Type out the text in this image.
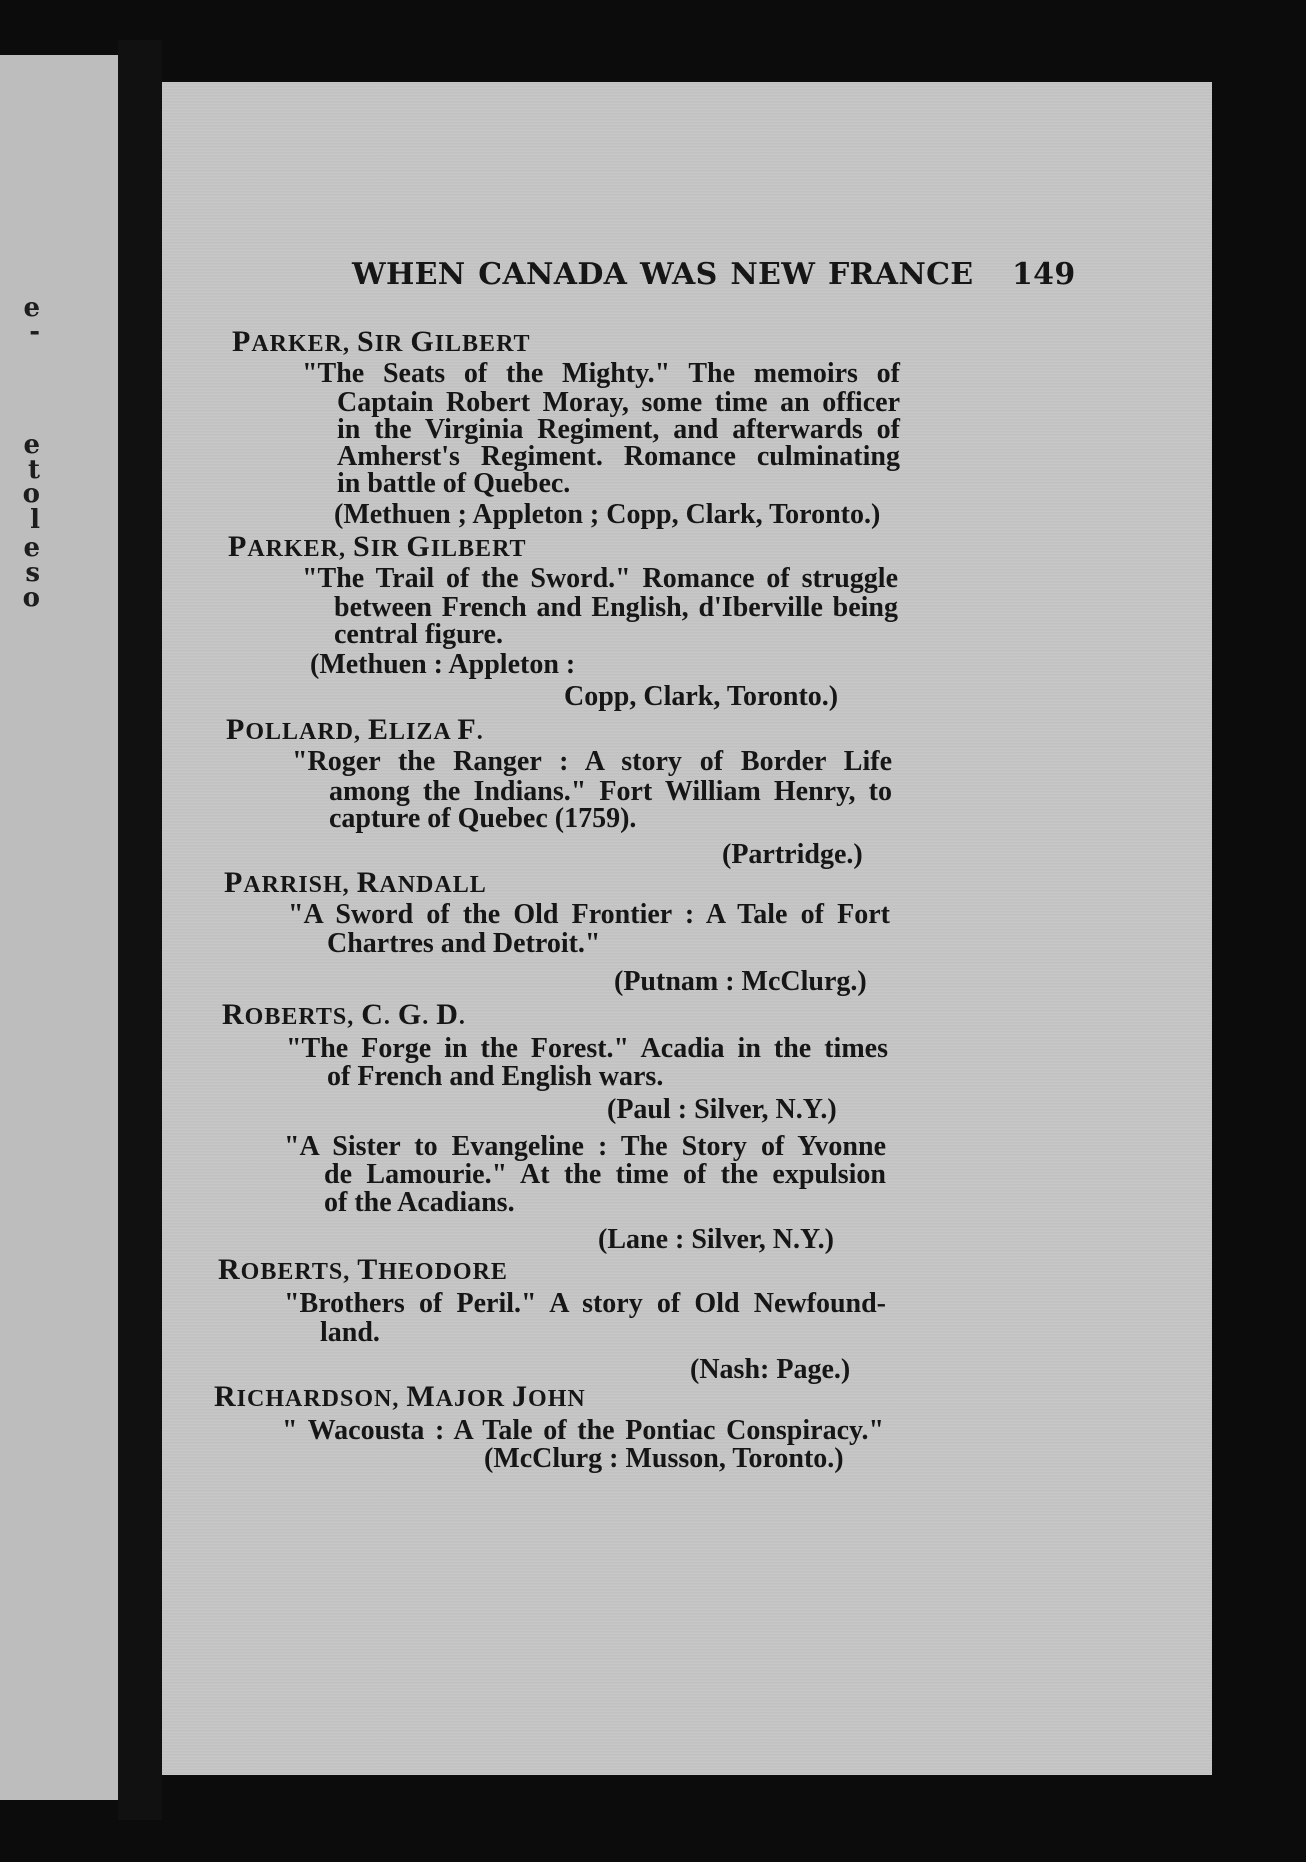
e
-
e
t
o
l
e
s
o
WHEN CANADA WAS NEW FRANCE 149
PARKER, SIR GILBERT
"The Seats of the Mighty." The memoirs of
Captain Robert Moray, some time an officer
in the Virginia Regiment, and afterwards of
Amherst's Regiment. Romance culminating
in battle of Quebec.
(Methuen ; Appleton ; Copp, Clark, Toronto.)
PARKER, SIR GILBERT
"The Trail of the Sword." Romance of struggle
between French and English, d'Iberville being
central figure.
(Methuen : Appleton :
Copp, Clark, Toronto.)
POLLARD, ELIZA F.
"Roger the Ranger : A story of Border Life
among the Indians." Fort William Henry, to
capture of Quebec (1759).
(Partridge.)
PARRISH, RANDALL
"A Sword of the Old Frontier : A Tale of Fort
Chartres and Detroit."
(Putnam : McClurg.)
ROBERTS, C. G. D.
"The Forge in the Forest." Acadia in the times
of French and English wars.
(Paul : Silver, N.Y.)
"A Sister to Evangeline : The Story of Yvonne
de Lamourie." At the time of the expulsion
of the Acadians.
(Lane : Silver, N.Y.)
ROBERTS, THEODORE
"Brothers of Peril." A story of Old Newfound-
land.
(Nash: Page.)
RICHARDSON, MAJOR JOHN
" Wacousta : A Tale of the Pontiac Conspiracy."
(McClurg : Musson, Toronto.)
